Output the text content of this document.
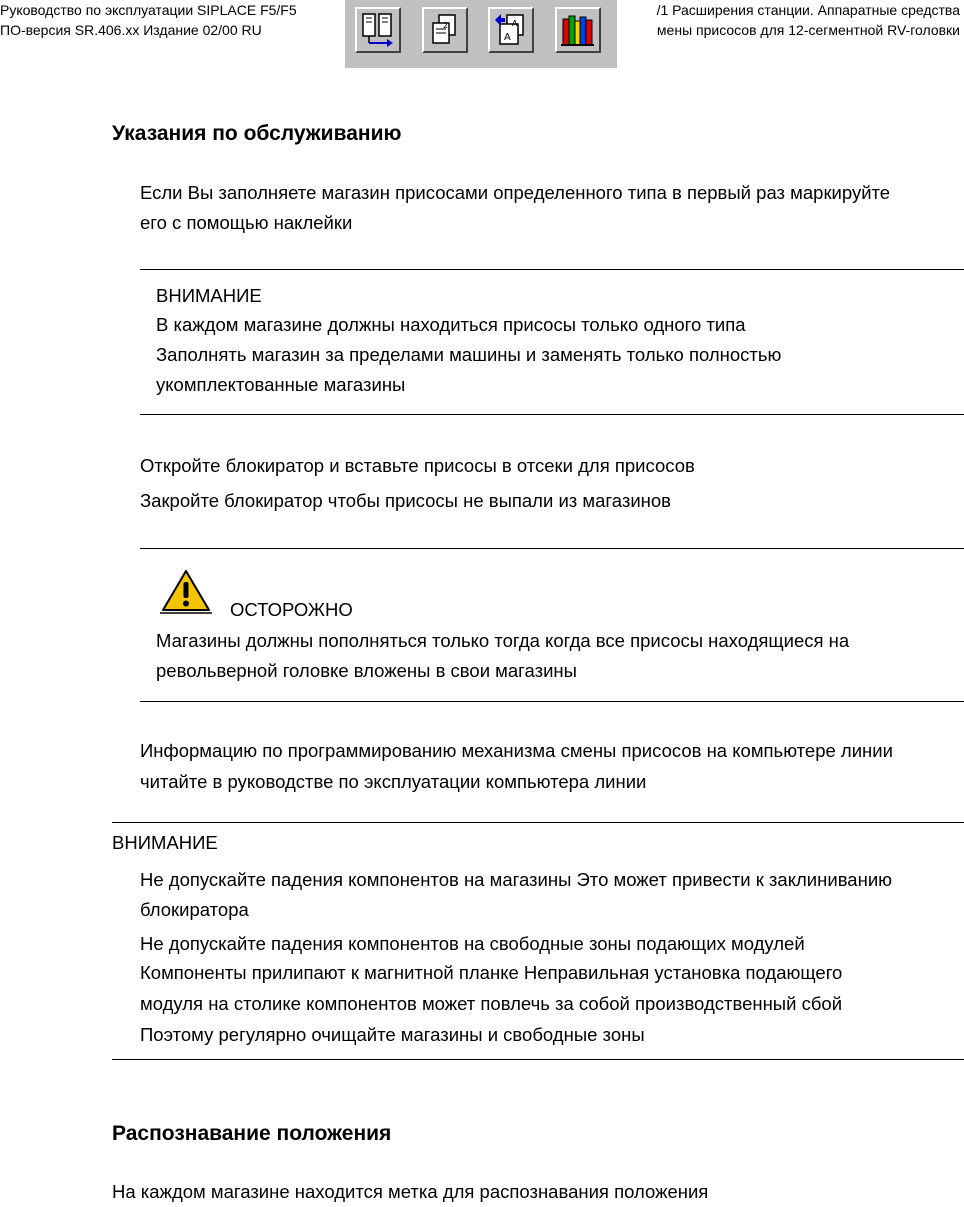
Руководство по эксплуатации SIPLACE F5/F5
ПО-версия SR.406.xx Издание 02/00 RU
/1 Расширения станции. Аппаратные средства
мены присосов для 12-сегментной RV-головки
2
A
A
Указания по обслуживанию
Если Вы заполняете магазин присосами определенного типа в первый раз маркируйте
его с помощью наклейки
ВНИМАНИЕ
В каждом магазине должны находиться присосы только одного типа
Заполнять магазин за пределами машины и заменять только полностью
укомплектованные магазины
Откройте блокиратор и вставьте присосы в отсеки для присосов
Закройте блокиратор чтобы присосы не выпали из магазинов
ОСТОРОЖНО
Магазины должны пополняться только тогда когда все присосы находящиеся на
револьверной головке вложены в свои магазины
Информацию по программированию механизма смены присосов на компьютере линии
читайте в руководстве по эксплуатации компьютера линии
ВНИМАНИЕ
Не допускайте падения компонентов на магазины Это может привести к заклиниванию
блокиратора
Не допускайте падения компонентов на свободные зоны подающих модулей
Компоненты прилипают к магнитной планке Неправильная установка подающего
модуля на столике компонентов может повлечь за собой производственный сбой
Поэтому регулярно очищайте магазины и свободные зоны
Распознавание положения
На каждом магазине находится метка для распознавания положения
